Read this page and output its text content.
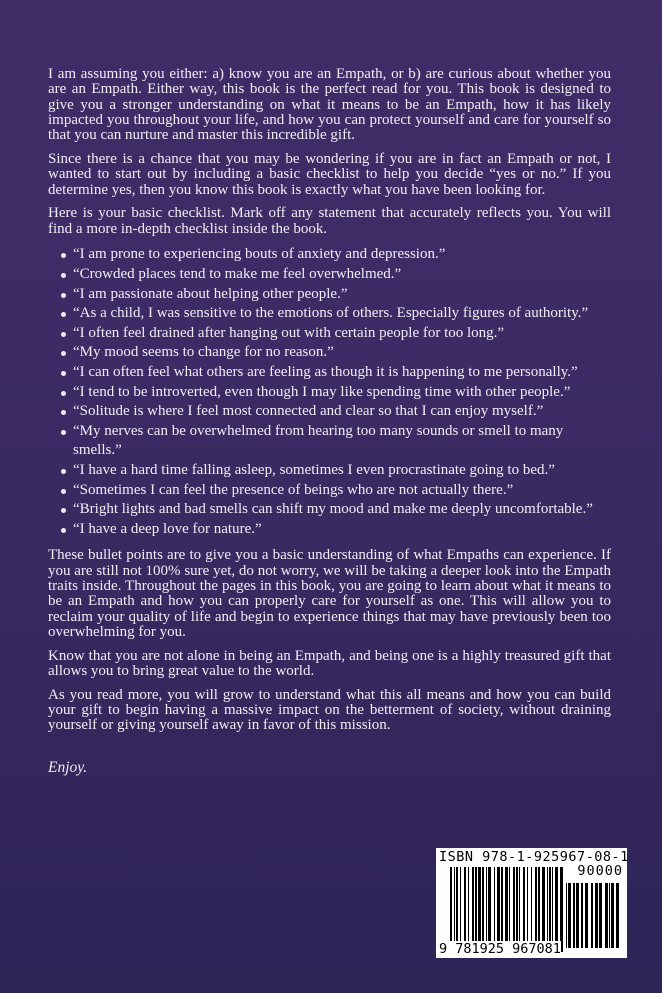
I am assuming you either: a) know you are an Empath, or b) are curious about whether you are an Empath. Either way, this book is the perfect read for you. This book is designed to give you a stronger understanding on what it means to be an Empath, how it has likely impacted you throughout your life, and how you can protect yourself and care for yourself so that you can nurture and master this incredible gift.

Since there is a chance that you may be wondering if you are in fact an Empath or not, I wanted to start out by including a basic checklist to help you decide “yes or no.” If you determine yes, then you know this book is exactly what you have been looking for.

Here is your basic checklist. Mark off any statement that accurately reflects you. You will find a more in-depth checklist inside the book.

“I am prone to experiencing bouts of anxiety and depression.”
“Crowded places tend to make me feel overwhelmed.”
“I am passionate about helping other people.”
“As a child, I was sensitive to the emotions of others. Especially figures of authority.”
“I often feel drained after hanging out with certain people for too long.”
“My mood seems to change for no reason.”
“I can often feel what others are feeling as though it is happening to me personally.”
“I tend to be introverted, even though I may like spending time with other people.”
“Solitude is where I feel most connected and clear so that I can enjoy myself.”
“My nerves can be overwhelmed from hearing too many sounds or smell to many smells.”
“I have a hard time falling asleep, sometimes I even procrastinate going to bed.”
“Sometimes I can feel the presence of beings who are not actually there.”
“Bright lights and bad smells can shift my mood and make me deeply uncomfortable.”
“I have a deep love for nature.”

These bullet points are to give you a basic understanding of what Empaths can experience. If you are still not 100% sure yet, do not worry, we will be taking a deeper look into the Empath traits inside. Throughout the pages in this book, you are going to learn about what it means to be an Empath and how you can properly care for yourself as one. This will allow you to reclaim your quality of life and begin to experience things that may have previously been too overwhelming for you.

Know that you are not alone in being an Empath, and being one is a highly treasured gift that allows you to bring great value to the world.

As you read more, you will grow to understand what this all means and how you can build your gift to begin having a massive impact on the betterment of society, without draining yourself or giving yourself away in favor of this mission.

Enjoy.

ISBN 978-1-925967-08-1
90000
9 781925 967081
